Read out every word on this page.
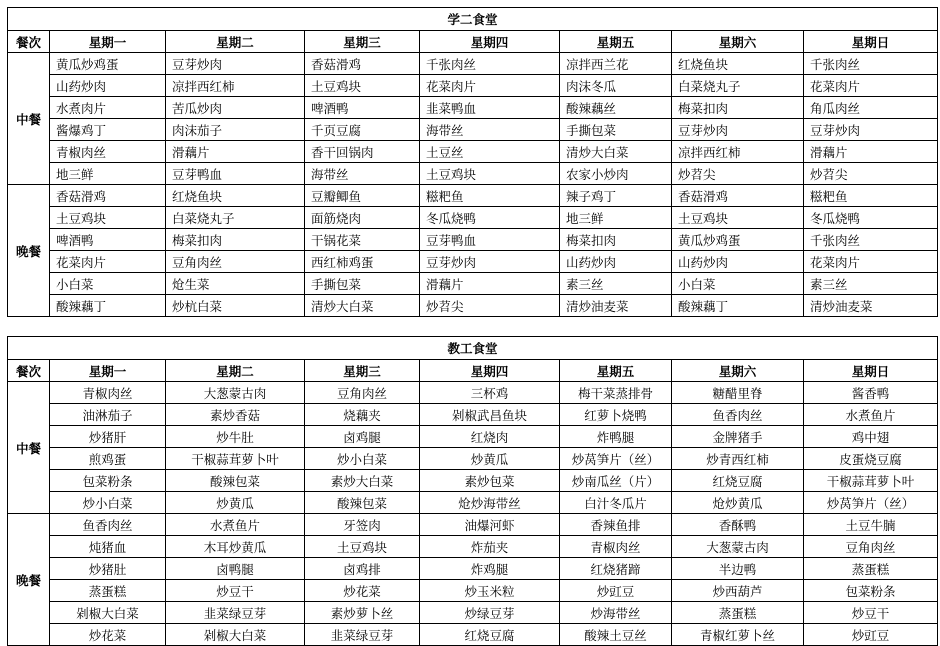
学二食堂							
餐次	星期一	星期二	星期三	星期四	星期五	星期六	星期日
中餐	黄瓜炒鸡蛋	豆芽炒肉	香菇滑鸡	千张肉丝	凉拌西兰花	红烧鱼块	千张肉丝
	山药炒肉	凉拌西红柿	土豆鸡块	花菜肉片	肉沫冬瓜	白菜烧丸子	花菜肉片
	水煮肉片	苦瓜炒肉	啤酒鸭	韭菜鸭血	酸辣藕丝	梅菜扣肉	角瓜肉丝
	酱爆鸡丁	肉沫茄子	千页豆腐	海带丝	手撕包菜	豆芽炒肉	豆芽炒肉
	青椒肉丝	滑藕片	香干回锅肉	土豆丝	清炒大白菜	凉拌西红柿	滑藕片
	地三鲜	豆芽鸭血	海带丝	土豆鸡块	农家小炒肉	炒苕尖	炒苕尖
晚餐	香菇滑鸡	红烧鱼块	豆瓣鲫鱼	糍粑鱼	辣子鸡丁	香菇滑鸡	糍粑鱼
	土豆鸡块	白菜烧丸子	面筋烧肉	冬瓜烧鸭	地三鲜	土豆鸡块	冬瓜烧鸭
	啤酒鸭	梅菜扣肉	干锅花菜	豆芽鸭血	梅菜扣肉	黄瓜炒鸡蛋	千张肉丝
	花菜肉片	豆角肉丝	西红柿鸡蛋	豆芽炒肉	山药炒肉	山药炒肉	花菜肉片
	小白菜	炝生菜	手撕包菜	滑藕片	素三丝	小白菜	素三丝
	酸辣藕丁	炒杭白菜	清炒大白菜	炒苕尖	清炒油麦菜	酸辣藕丁	清炒油麦菜
教工食堂							
餐次	星期一	星期二	星期三	星期四	星期五	星期六	星期日
中餐	青椒肉丝	大葱蒙古肉	豆角肉丝	三杯鸡	梅干菜蒸排骨	糖醋里脊	酱香鸭
	油淋茄子	素炒香菇	烧藕夹	剁椒武昌鱼块	红萝卜烧鸭	鱼香肉丝	水煮鱼片
	炒猪肝	炒牛肚	卤鸡腿	红烧肉	炸鸭腿	金牌猪手	鸡中翅
	煎鸡蛋	干椒蒜茸萝卜叶	炒小白菜	炒黄瓜	炒莴笋片（丝）	炒青西红柿	皮蛋烧豆腐
	包菜粉条	酸辣包菜	素炒大白菜	素炒包菜	炒南瓜丝（片）	红烧豆腐	干椒蒜茸萝卜叶
	炒小白菜	炒黄瓜	酸辣包菜	炝炒海带丝	白汁冬瓜片	炝炒黄瓜	炒莴笋片（丝）
晚餐	鱼香肉丝	水煮鱼片	牙签肉	油爆河虾	香辣鱼排	香酥鸭	土豆牛腩
	炖猪血	木耳炒黄瓜	土豆鸡块	炸茄夹	青椒肉丝	大葱蒙古肉	豆角肉丝
	炒猪肚	卤鸭腿	卤鸡排	炸鸡腿	红烧猪蹄	半边鸭	蒸蛋糕
	蒸蛋糕	炒豆干	炒花菜	炒玉米粒	炒豇豆	炒西葫芦	包菜粉条
	剁椒大白菜	韭菜绿豆芽	素炒萝卜丝	炒绿豆芽	炒海带丝	蒸蛋糕	炒豆干
	炒花菜	剁椒大白菜	韭菜绿豆芽	红烧豆腐	酸辣土豆丝	青椒红萝卜丝	炒豇豆
